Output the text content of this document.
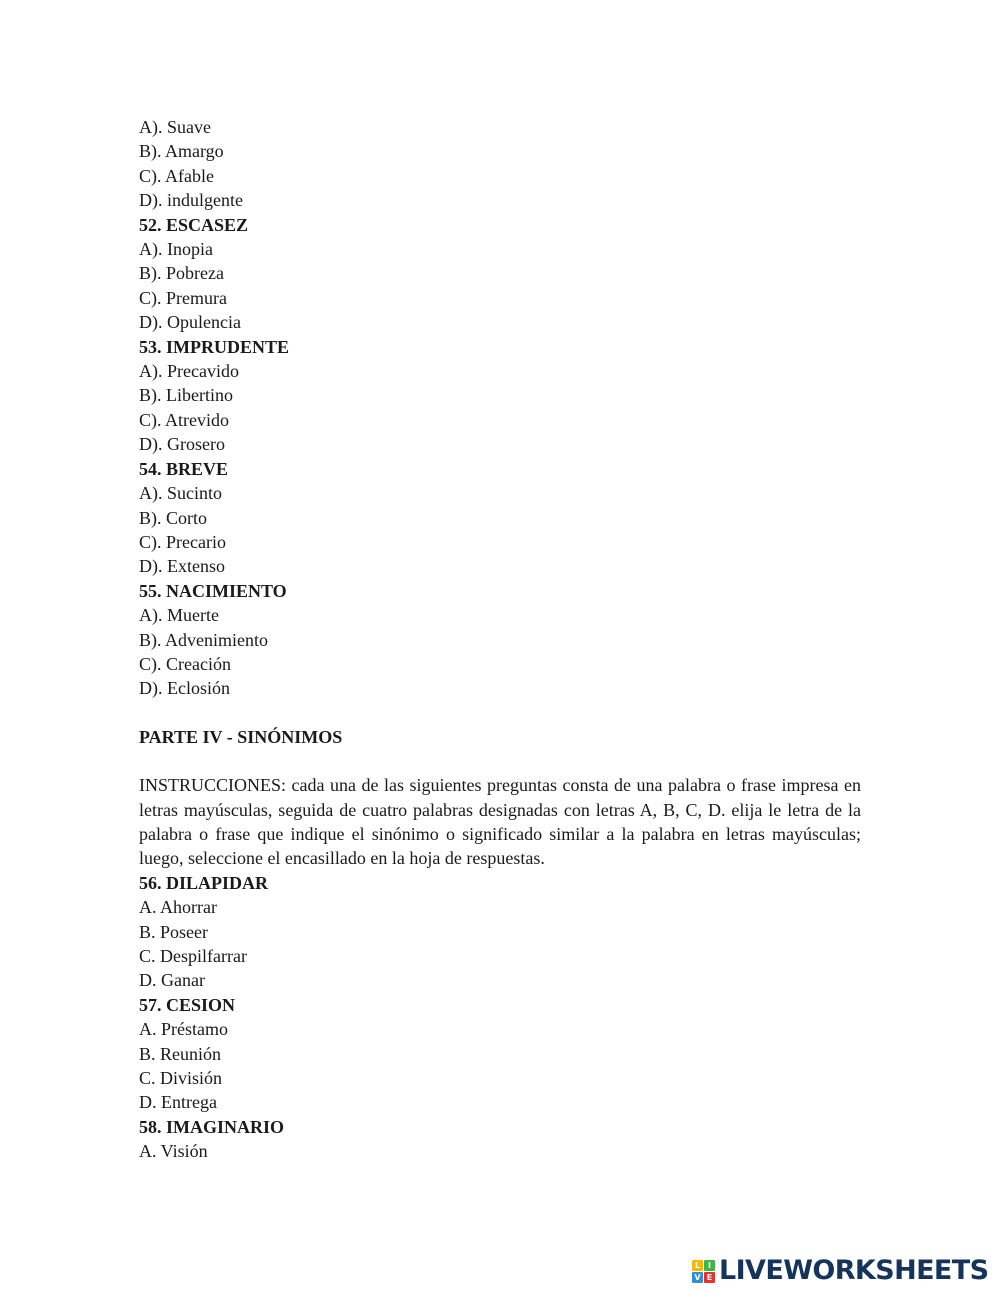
A). Suave
B). Amargo
C). Afable
D). indulgente
52. ESCASEZ
A). Inopia
B). Pobreza
C). Premura
D). Opulencia
53. IMPRUDENTE
A). Precavido
B). Libertino
C). Atrevido
D). Grosero
54. BREVE
A). Sucinto
B). Corto
C). Precario
D). Extenso
55. NACIMIENTO
A). Muerte
B). Advenimiento
C). Creación
D). Eclosión
PARTE IV - SINÓNIMOS
INSTRUCCIONES: cada una de las siguientes preguntas consta de una palabra o frase impresa en letras mayúsculas, seguida de cuatro palabras designadas con letras A, B, C, D. elija le letra de la palabra o frase que indique el sinónimo o significado similar a la palabra en letras mayúsculas; luego, seleccione el encasillado en la hoja de respuestas.
56. DILAPIDAR
A. Ahorrar
B. Poseer
C. Despilfarrar
D. Ganar
57. CESION
A. Préstamo
B. Reunión
C. División
D. Entrega
58. IMAGINARIO
A. Visión
L I
V E LIVEWORKSHEETS
